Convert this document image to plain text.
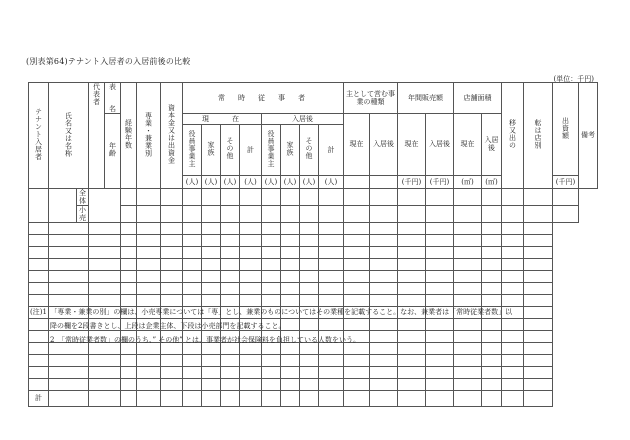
(別表第64)テナント入居者の入居前後の比較
(単位：千円)
テナント入居者	氏名又は名称		代表者	表	経験年数	専業・兼業別	資本金又は出資金	常　時　従　事　者								主として営む事業の種類		年間販売額		店舗面積		移又出の	転は店別	出資額	備考
				名																					
				年齢				現　　在				入居後				現在	入居後	現在	入居後	現在	入居後				
								役員事業主	家族	その他	計	役員事業主	家族	その他	計										

								(人)	(人)	(人)	(人)	(人)	(人)	(人)	(人)			(千円)	(千円)	(㎡)	(㎡)			(千円)	
		全体																							
		小売																							

計																									
(注)1　「専業・兼業の別」の欄は、小売専業については「専」とし、兼業のものについてはその業種を記載すること。なお、兼業者は「常時従業者数」以
降の欄を2段書きとし、上段は企業主体、下段は小売部門を記載すること。
2　「常時従業者数」の欄のうち、” その他” とは、事業者が社会保険料を負担している人数をいう。
